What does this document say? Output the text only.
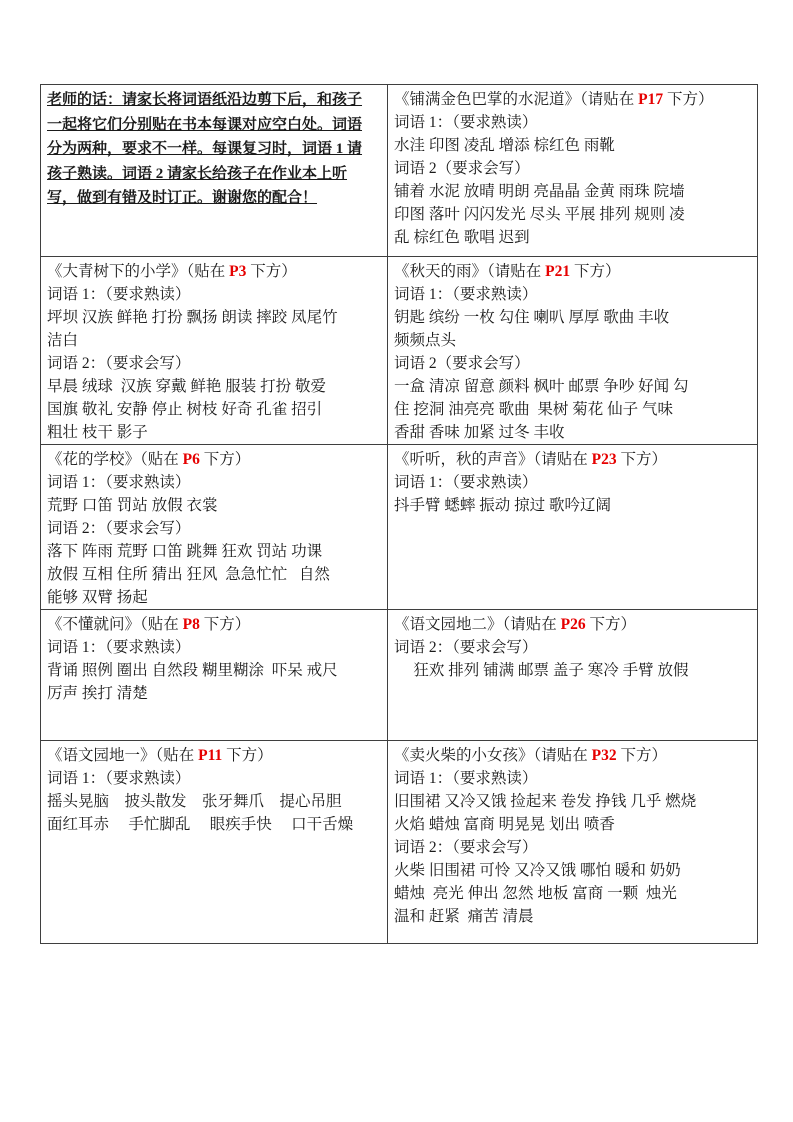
老师的话：请家长将词语纸沿边剪下后，和孩子
一起将它们分别贴在书本每课对应空白处。词语
分为两种，要求不一样。每课复习时，词语 1 请
孩子熟读。词语 2 请家长给孩子在作业本上听
写，做到有错及时订正。谢谢您的配合！

《铺满金色巴掌的水泥道》（请贴在 P17 下方）
词语 1：（要求熟读）
水洼 印图 凌乱 增添 棕红色 雨靴
词语 2（要求会写）
铺着 水泥 放晴 明朗 亮晶晶 金黄 雨珠 院墙
印图 落叶 闪闪发光 尽头 平展 排列 规则 凌
乱 棕红色 歌唱 迟到

《大青树下的小学》（贴在 P3 下方）
词语 1：（要求熟读）
坪坝 汉族 鲜艳 打扮 飘扬 朗读 摔跤 凤尾竹
洁白
词语 2：（要求会写）
早晨 绒球  汉族 穿戴 鲜艳 服装 打扮 敬爱
国旗 敬礼 安静 停止 树枝 好奇 孔雀 招引
粗壮 枝干 影子

《秋天的雨》（请贴在 P21 下方）
词语 1：（要求熟读）
钥匙 缤纷 一枚 勾住 喇叭 厚厚 歌曲 丰收
频频点头
词语 2（要求会写）
一盒 清凉 留意 颜料 枫叶 邮票 争吵 好闻 勾
住 挖洞 油亮亮 歌曲  果树 菊花 仙子 气味
香甜 香味 加紧 过冬 丰收

《花的学校》（贴在 P6 下方）
词语 1：（要求熟读）
荒野 口笛 罚站 放假 衣裳
词语 2：（要求会写）
落下 阵雨 荒野 口笛 跳舞 狂欢 罚站 功课
放假 互相 住所 猜出 狂风  急急忙忙   自然
能够 双臂 扬起

《听听，秋的声音》（请贴在 P23 下方）
词语 1：（要求熟读）
抖手臂 蟋蟀 振动 掠过 歌吟辽阔

《不懂就问》（贴在 P8 下方）
词语 1：（要求熟读）
背诵 照例 圈出 自然段 糊里糊涂  吓呆 戒尺
厉声 挨打 清楚

《语文园地二》（请贴在 P26 下方）
词语 2：（要求会写）
　 狂欢 排列 铺满 邮票 盖子 寒冷 手臂 放假

《语文园地一》（贴在 P11 下方）
词语 1：（要求熟读）
摇头晃脑　披头散发　张牙舞爪　提心吊胆
面红耳赤　 手忙脚乱　 眼疾手快　 口干舌燥

《卖火柴的小女孩》（请贴在 P32 下方）
词语 1：（要求熟读）
旧围裙 又冷又饿 捡起来 卷发 挣钱 几乎 燃烧
火焰 蜡烛 富商 明晃晃 划出 喷香
词语 2：（要求会写）
火柴 旧围裙 可怜 又冷又饿 哪怕 暖和 奶奶
蜡烛  亮光 伸出 忽然 地板 富商 一颗  烛光
温和 赶紧  痛苦 清晨
